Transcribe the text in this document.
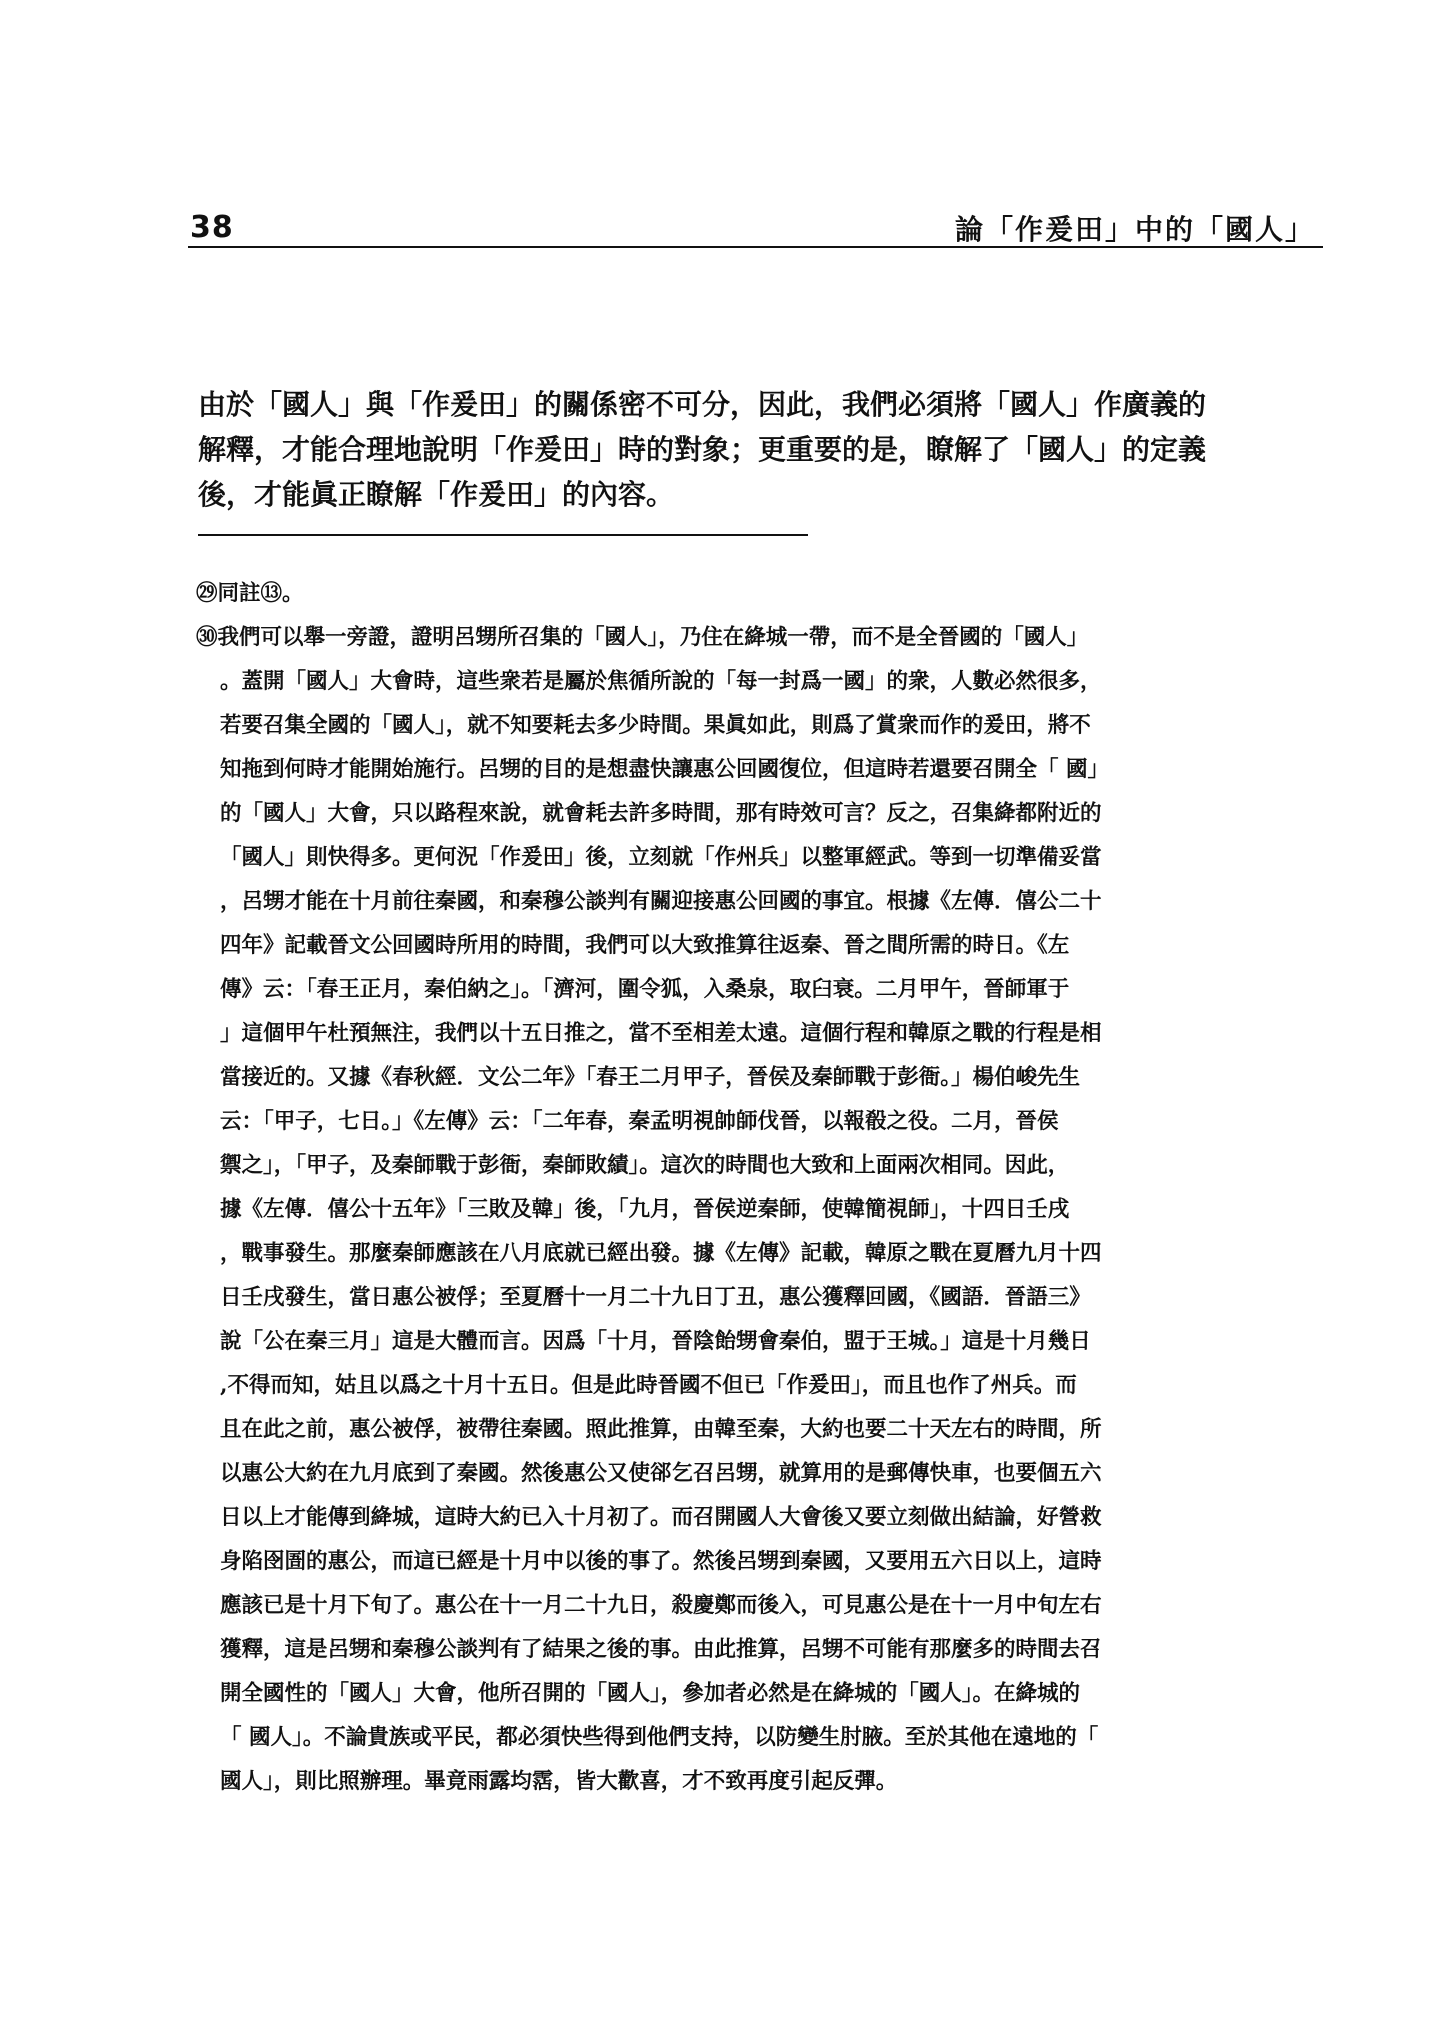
38	論「作爰田」中的「國人」
由於「國人」與「作爰田」的關係密不可分，因此，我們必須將「國人」作廣義的
解釋，才能合理地說明「作爰田」時的對象；更重要的是，瞭解了「國人」的定義
後，才能眞正瞭解「作爰田」的內容。
㉙同註⑬。
㉚我們可以舉一旁證，證明呂甥所召集的「國人」，乃住在絳城一帶，而不是全晉國的「國人」
。蓋開「國人」大會時，這些衆若是屬於焦循所說的「每一封爲一國」的衆，人數必然很多，
若要召集全國的「國人」，就不知要耗去多少時間。果眞如此，則爲了賞衆而作的爰田，將不
知拖到何時才能開始施行。呂甥的目的是想盡快讓惠公回國復位，但這時若還要召開全「 國」
的「國人」大會，只以路程來說，就會耗去許多時間，那有時效可言？反之，召集絳都附近的
「國人」則快得多。更何況「作爰田」後，立刻就「作州兵」以整軍經武。等到一切準備妥當
，呂甥才能在十月前往秦國，和秦穆公談判有關迎接惠公回國的事宜。根據《左傳．僖公二十
四年》記載晉文公回國時所用的時間，我們可以大致推算往返秦、晉之間所需的時日。《左
傳》云：「春王正月，秦伯納之」。「濟河，圍令狐，入桑泉，取臼衰。二月甲午，晉師軍于
」這個甲午杜預無注，我們以十五日推之，當不至相差太遠。這個行程和韓原之戰的行程是相
當接近的。又據《春秋經．文公二年》「春王二月甲子，晉侯及秦師戰于彭衙。」楊伯峻先生
云：「甲子，七日。」《左傳》云：「二年春，秦孟明視帥師伐晉，以報殽之役。二月，晉侯
禦之」，「甲子，及秦師戰于彭衙，秦師敗績」。這次的時間也大致和上面兩次相同。因此，
據《左傳．僖公十五年》「三敗及韓」後，「九月，晉侯逆秦師，使韓簡視師」，十四日壬戌
，戰事發生。那麼秦師應該在八月底就已經出發。據《左傳》記載，韓原之戰在夏曆九月十四
日壬戌發生，當日惠公被俘；至夏曆十一月二十九日丁丑，惠公獲釋回國，《國語．晉語三》
說「公在秦三月」這是大體而言。因爲「十月，晉陰飴甥會秦伯，盟于王城。」這是十月幾日
,不得而知，姑且以爲之十月十五日。但是此時晉國不但已「作爰田」，而且也作了州兵。而
且在此之前，惠公被俘，被帶往秦國。照此推算，由韓至秦，大約也要二十天左右的時間，所
以惠公大約在九月底到了秦國。然後惠公又使郤乞召呂甥，就算用的是郵傳快車，也要個五六
日以上才能傳到絳城，這時大約已入十月初了。而召開國人大會後又要立刻做出結論，好營救
身陷囹圄的惠公，而這已經是十月中以後的事了。然後呂甥到秦國，又要用五六日以上，這時
應該已是十月下旬了。惠公在十一月二十九日，殺慶鄭而後入，可見惠公是在十一月中旬左右
獲釋，這是呂甥和秦穆公談判有了結果之後的事。由此推算，呂甥不可能有那麼多的時間去召
開全國性的「國人」大會，他所召開的「國人」，參加者必然是在絳城的「國人」。在絳城的
「 國人」。不論貴族或平民，都必須快些得到他們支持，以防變生肘腋。至於其他在遠地的「
國人」，則比照辦理。畢竟雨露均霑，皆大歡喜，才不致再度引起反彈。
